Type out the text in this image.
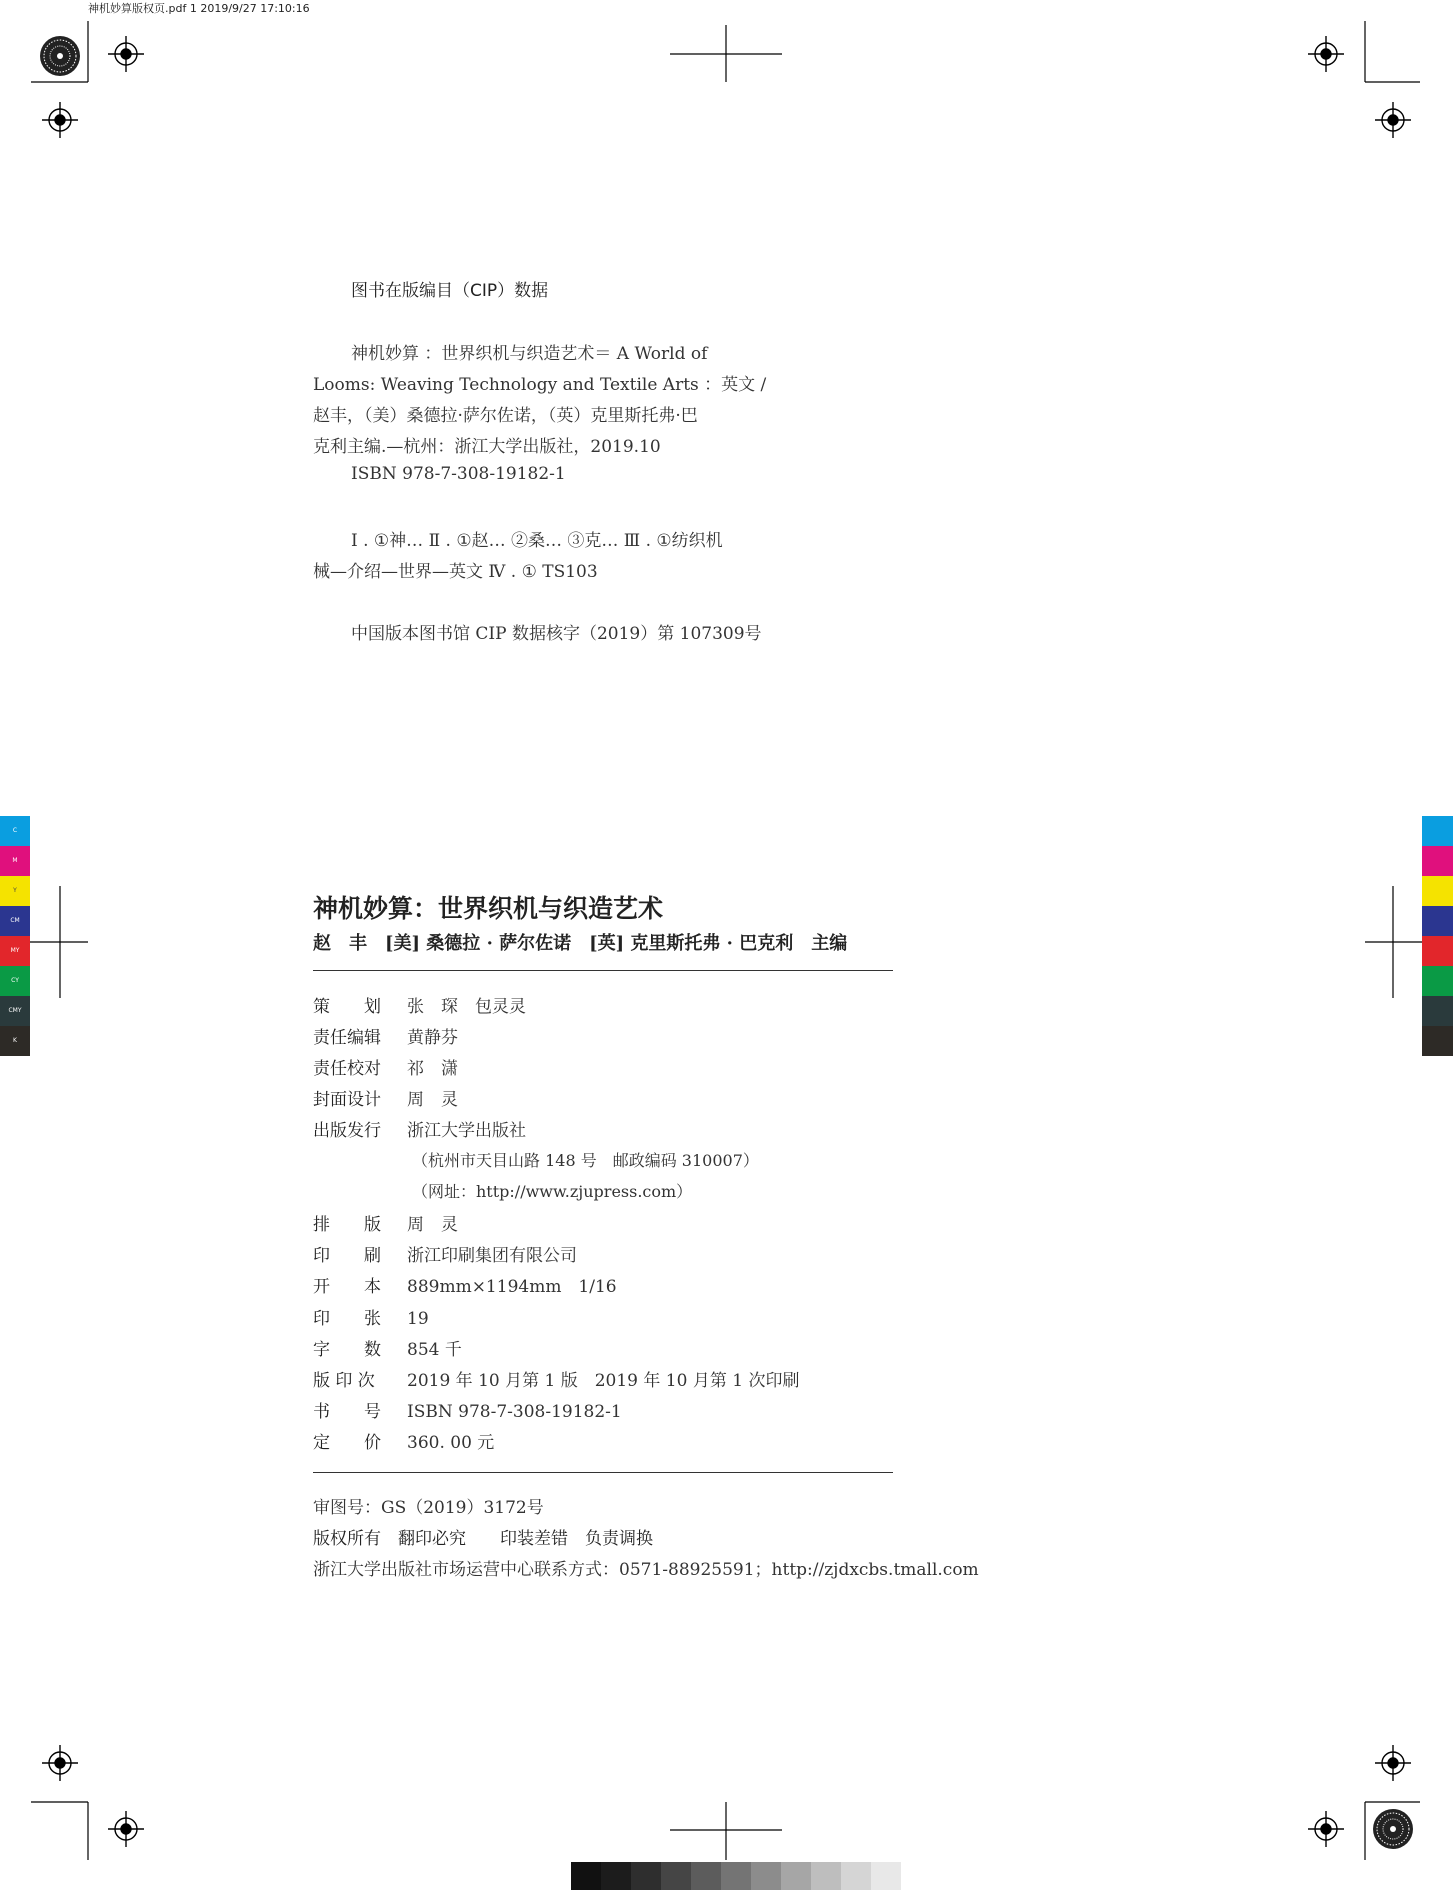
神机妙算版权页.pdf 1 2019/9/27 17:10:16
图书在版编目（CIP）数据
神机妙算 ：世界织机与织造艺术＝ A World of
Looms: Weaving Technology and Textile Arts ：英文 /
赵丰，（美）桑德拉·萨尔佐诺，（英）克里斯托弗·巴
克利主编.—杭州：浙江大学出版社，2019.10
ISBN 978-7-308-19182-1
Ⅰ . ①神… Ⅱ . ①赵… ②桑… ③克… Ⅲ . ①纺织机
械—介绍—世界—英文 Ⅳ . ① TS103
中国版本图书馆 CIP 数据核字（2019）第 107309号
神机妙算：世界织机与织造艺术
赵　丰　[美] 桑德拉 · 萨尔佐诺　[英] 克里斯托弗 · 巴克利　主编
策　　划 张　琛　包灵灵
责任编辑 黄静芬
责任校对 祁　潇
封面设计 周　灵
出版发行 浙江大学出版社
（杭州市天目山路 148 号　邮政编码 310007）
（网址：http://www.zjupress.com）
排　　版 周　灵
印　　刷 浙江印刷集团有限公司
开　　本 889mm×1194mm　1/16
印　　张 19
字　　数 854 千
版 印 次 2019 年 10 月第 1 版　2019 年 10 月第 1 次印刷
书　　号 ISBN 978-7-308-19182-1
定　　价 360. 00 元
审图号：GS（2019）3172号
版权所有　翻印必究　　印装差错　负责调换
浙江大学出版社市场运营中心联系方式：0571-88925591；http://zjdxcbs.tmall.com
C
M
Y
CM
MY
CY
CMY
K
